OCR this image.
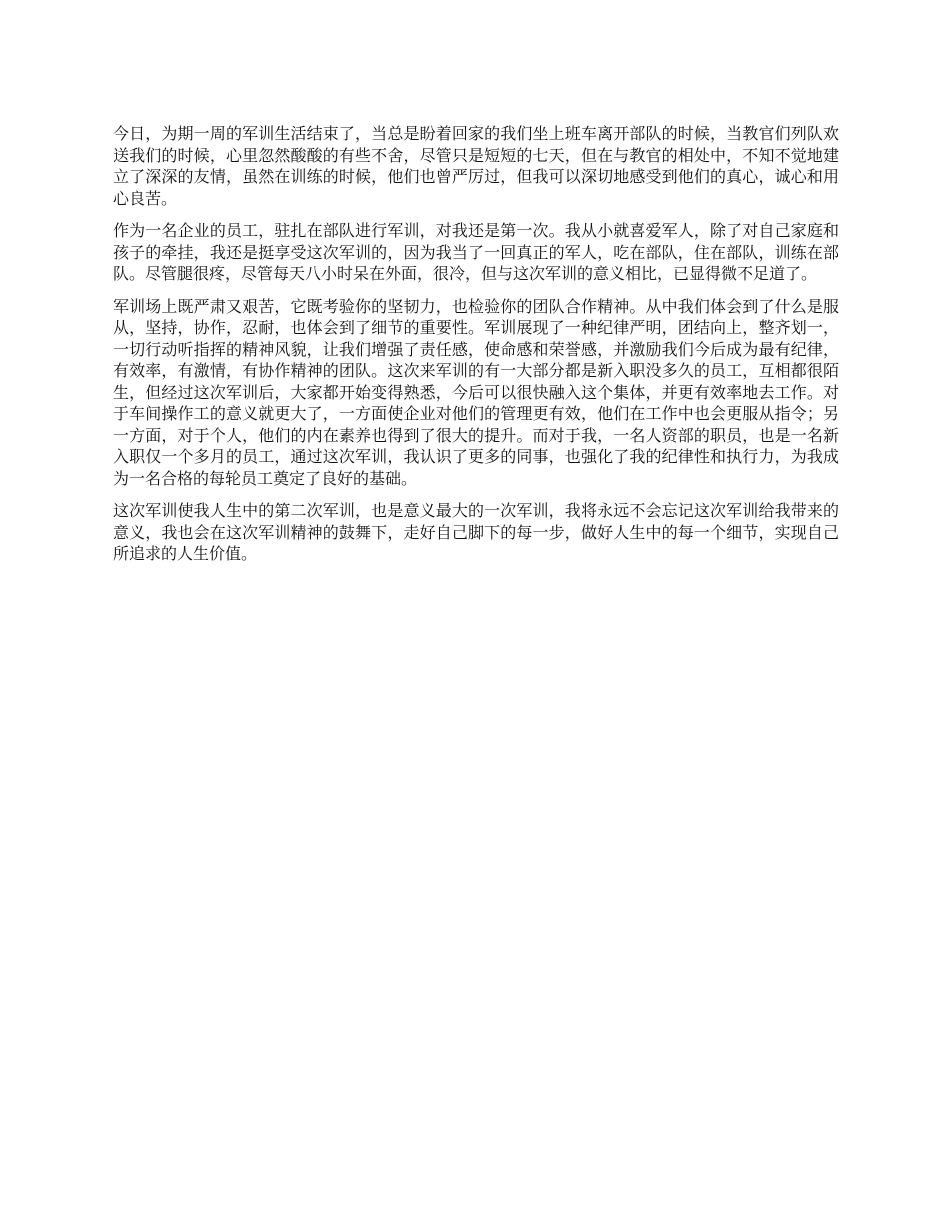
今日，为期一周的军训生活结束了，当总是盼着回家的我们坐上班车离开部队的时候，当教官们列队欢送我们的时候，心里忽然酸酸的有些不舍，尽管只是短短的七天，但在与教官的相处中，不知不觉地建立了深深的友情，虽然在训练的时候，他们也曾严厉过，但我可以深切地感受到他们的真心，诚心和用心良苦。

作为一名企业的员工，驻扎在部队进行军训，对我还是第一次。我从小就喜爱军人，除了对自己家庭和孩子的牵挂，我还是挺享受这次军训的，因为我当了一回真正的军人，吃在部队，住在部队，训练在部队。尽管腿很疼，尽管每天八小时呆在外面，很冷，但与这次军训的意义相比，已显得微不足道了。

军训场上既严肃又艰苦，它既考验你的坚韧力，也检验你的团队合作精神。从中我们体会到了什么是服从，坚持，协作，忍耐，也体会到了细节的重要性。军训展现了一种纪律严明，团结向上，整齐划一，一切行动听指挥的精神风貌，让我们增强了责任感，使命感和荣誉感，并激励我们今后成为最有纪律，有效率，有激情，有协作精神的团队。这次来军训的有一大部分都是新入职没多久的员工，互相都很陌生，但经过这次军训后，大家都开始变得熟悉，今后可以很快融入这个集体，并更有效率地去工作。对于车间操作工的意义就更大了，一方面使企业对他们的管理更有效，他们在工作中也会更服从指令；另一方面，对于个人，他们的内在素养也得到了很大的提升。而对于我，一名人资部的职员，也是一名新入职仅一个多月的员工，通过这次军训，我认识了更多的同事，也强化了我的纪律性和执行力，为我成为一名合格的每轮员工奠定了良好的基础。

这次军训使我人生中的第二次军训，也是意义最大的一次军训，我将永远不会忘记这次军训给我带来的意义，我也会在这次军训精神的鼓舞下，走好自己脚下的每一步，做好人生中的每一个细节，实现自己所追求的人生价值。
